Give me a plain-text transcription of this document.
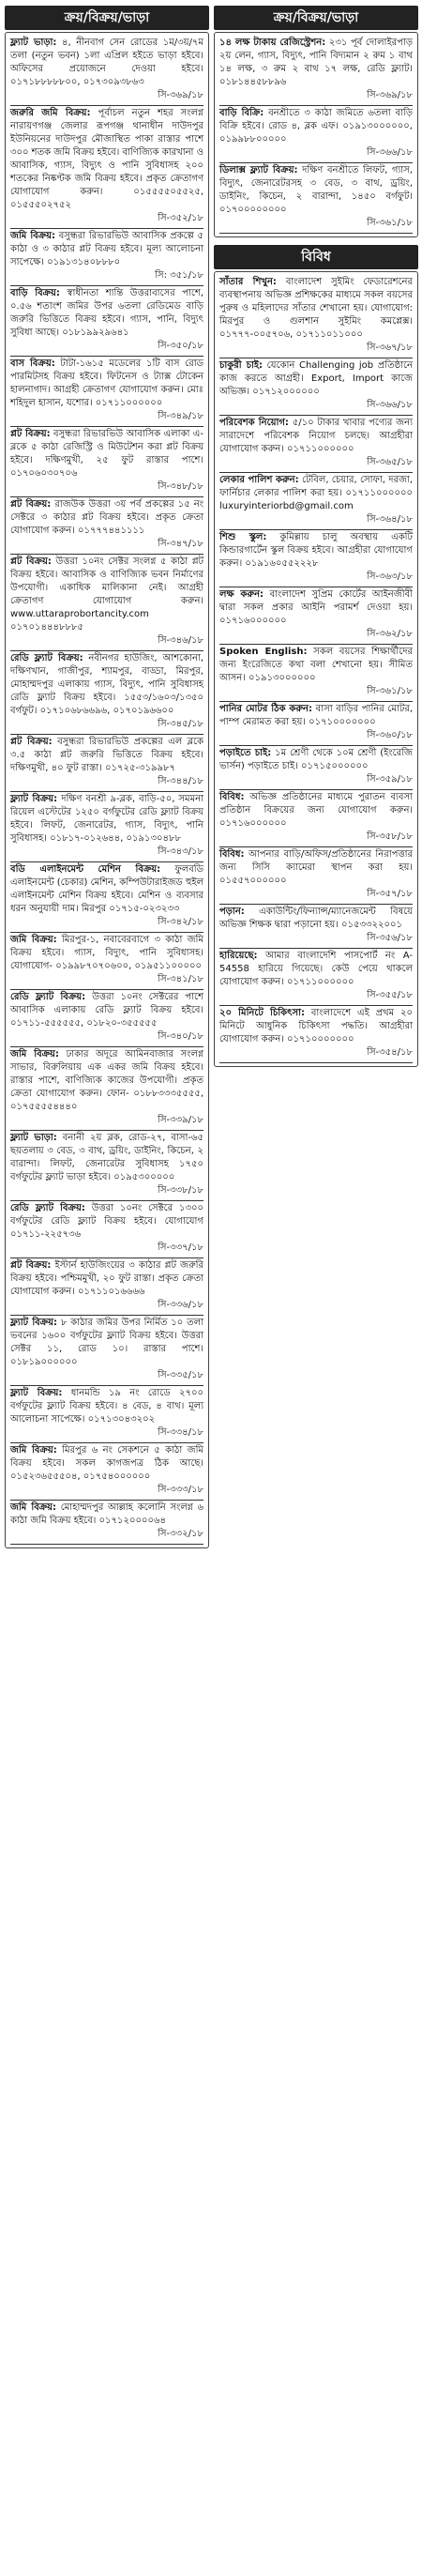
ক্রয়/বিক্রয়/ভাড়া
ফ্ল্যাট ভাড়া: ৪, নীনবাগ সেন রোডের ১ম/৩য়/৭ম তলা (নতুন ভবন) ১লা এপ্রিল হইতে ভাড়া হইবে। অফিসের প্রয়োজনে দেওয়া হইবে। ০১৭১৮৮৮৮৮০০, ০১৭৩০৯৩৮৬৩
সি-৩৬৯/১৮
জরুরি জমি বিক্রয়: পূর্বাচল নতুন শহর সংলগ্ন নারায়ণগঞ্জ জেলার রূপগঞ্জ থানাধীন দাউদপুর ইউনিয়নের দাউদপুর মৌজাস্থিত পাকা রাস্তার পাশে ৩০০ শতক জমি বিক্রয় হইবে। বাণিজ্যিক কারখানা ও আবাসিক, গ্যাস, বিদ্যুৎ ও পানি সুবিধাসহ ২০০ শতকের নিষ্কণ্টক জমি বিক্রয় হইবে। প্রকৃত ক্রেতাগণ যোগাযোগ করুন। ০১৫৫৫৫০৫৫২৫, ০১৫৫৫০২৭৫২
সি-৩৫২/১৮
জমি বিক্রয়: বসুন্ধরা রিভারভিউ আবাসিক প্রকল্পে ৫ কাঠা ও ৩ কাঠার প্লট বিক্রয় হইবে। মূল্য আলোচনা সাপেক্ষে। ০১৯১৩১৪০৮৮৮০
সি: ৩৫১/১৮
বাড়ি বিক্রয়: স্বাধীনতা শান্তি উত্তরাবাসের পাশে, ০.৫৬ শতাংশ জমির উপর ৬তলা রেডিমেড বাড়ি জরুরি ভিত্তিতে বিক্রয় হইবে। গ্যাস, পানি, বিদ্যুৎ সুবিধা আছে। ০১৮১৯৯২৯৬৪১
সি-৩৫০/১৮
বাস বিক্রয়: টাটা-১৬১৫ মডেলের ১টি বাস রোড পারমিটসহ বিক্রয় হইবে। ফিটনেস ও ট্যাক্স টোকেন হালনাগাদ। আগ্রহী ক্রেতাগণ যোগাযোগ করুন। মোঃ শহিদুল হাসান, যশোর। ০১৭১১০০০০০০
সি-৩৪৯/১৮
প্লট বিক্রয়: বসুন্ধরা রিভারভিউ আবাসিক এলাকা এ-ব্লকে ৫ কাঠা রেজিস্ট্রি ও মিউটেশন করা প্লট বিক্রয় হইবে। দক্ষিণমুখী, ২৫ ফুট রাস্তার পাশে। ০১৭০৬০৩০৭০৬
সি-৩৪৮/১৮
প্লট বিক্রয়: রাজউক উত্তরা ৩য় পর্ব প্রকল্পের ১৫ নং সেক্টরে ৩ কাঠার প্লট বিক্রয় হইবে। প্রকৃত ক্রেতা যোগাযোগ করুন। ০১৭৭৭৪৪১১১১
সি-৩৪৭/১৮
প্লট বিক্রয়: উত্তরা ১০নং সেক্টর সংলগ্ন ৫ কাঠা প্লট বিক্রয় হইবে। আবাসিক ও বাণিজ্যিক ভবন নির্মাণের উপযোগী। একাধিক মালিকানা নেই। আগ্রহী ক্রেতাগণ যোগাযোগ করুন। www.uttaraprobortancity.com ০১৭০১৪৪৪৮৮৮৫
সি-৩৪৬/১৮
রেডি ফ্ল্যাট বিক্রয়: নবীনগর হাউজিং, আশকোনা, দক্ষিণখান, গাজীপুর, শ্যামপুর, বাড্ডা, মিরপুর, মোহাম্মদপুর এলাকায় গ্যাস, বিদ্যুৎ, পানি সুবিধাসহ রেডি ফ্ল্যাট বিক্রয় হইবে। ১৫৫৩/১৬০৩/১৩৫০ বর্গফুট। ০১৭১০৬৮৬৬৯৬, ০১৭০১৯৬৬০০
সি-৩৪৫/১৮
প্লট বিক্রয়: বসুন্ধরা রিভারভিউ প্রকল্পের এল ব্লকে ৩.৫ কাঠা প্লট জরুরি ভিত্তিতে বিক্রয় হইবে। দক্ষিণমুখী, ৪০ ফুট রাস্তা। ০১৭২৫-৩১৯৯৮৭
সি-৩৪৪/১৮
ফ্ল্যাট বিক্রয়: দক্ষিণ বনশ্রী ৯-ব্লক, বাড়ি-৫০, সমমনা রিয়েল এস্টেটের ১২৫০ বর্গফুটের রেডি ফ্ল্যাট বিক্রয় হইবে। লিফট, জেনারেটর, গ্যাস, বিদ্যুৎ, পানি সুবিধাসহ। ০১৮১৭-০১২৬৪৪, ০১৯১৩০৪৮৮
সি-৩৪৩/১৮
বডি এলাইনমেন্ট মেশিন বিক্রয়: ফুলবডি এলাইনমেন্ট (চেকার) মেশিন, কম্পিউটারাইজড হুইল এলাইনমেন্ট মেশিন বিক্রয় হইবে। মেশিন ও ব্যবসার ধরন অনুযায়ী দাম। মিরপুর ০১৭১৫-০২৩২৩৩
সি-৩৪২/১৮
জমি বিক্রয়: মিরপুর-১, নবাবেরবাগে ৩ কাঠা জমি বিক্রয় হইবে। গ্যাস, বিদ্যুৎ, পানি সুবিধাসহ। যোগাযোগ- ০১৯৯৮৭০৭০৬০০, ০১৯৫১১০০০০০
সি-৩৪১/১৮
রেডি ফ্ল্যাট বিক্রয়: উত্তরা ১০নং সেক্টরের পাশে আবাসিক এলাকায় রেডি ফ্ল্যাট বিক্রয় হইবে। ০১৭১১-৫৫৫৫৫৫, ০১৮২০-৩৫৫৫৫৫
সি-৩৪০/১৮
জমি বিক্রয়: ঢাকার অদূরে আমিনবাজার সংলগ্ন সাভার, বিরুলিয়ায় এক একর জমি বিক্রয় হইবে। রাস্তার পাশে, বাণিজ্যিক কাজের উপযোগী। প্রকৃত ক্রেতা যোগাযোগ করুন। ফোন- ০১৮৮৩৩৩৫৫৫৫, ০১৭৫৫৫৫৪৪৪০
সি-৩৩৯/১৮
ফ্ল্যাট ভাড়া: বনানী ২য় ব্লক, রোড-২৭, বাসা-৬৫ ছয়তলায় ৩ বেড, ৩ বাথ, ড্রয়িং, ডাইনিং, কিচেন, ২ বারান্দা। লিফট, জেনারেটর সুবিধাসহ ১৭৫০ বর্গফুটের ফ্ল্যাট ভাড়া হইবে। ০১৯৫৩০০০০০
সি-৩৩৮/১৮
রেডি ফ্ল্যাট বিক্রয়: উত্তরা ১০নং সেক্টরে ১৩০০ বর্গফুটের রেডি ফ্ল্যাট বিক্রয় হইবে। যোগাযোগ ০১৭১১-২২৫৭৩৬
সি-৩৩৭/১৮
প্লট বিক্রয়: ইস্টার্ন হাউজিংয়ের ৩ কাঠার প্লট জরুরি বিক্রয় হইবে। পশ্চিমমুখী, ২০ ফুট রাস্তা। প্রকৃত ক্রেতা যোগাযোগ করুন। ০১৭১১০১৬৬৬৬
সি-৩৩৬/১৮
ফ্ল্যাট বিক্রয়: ৮ কাঠার জমির উপর নির্মিত ১০ তলা ভবনের ১৬০০ বর্গফুটের ফ্ল্যাট বিক্রয় হইবে। উত্তরা সেক্টর ১১, রোড ১০। রাস্তার পাশে। ০১৮১৯০০০০০০
সি-৩৩৫/১৮
ফ্ল্যাট বিক্রয়: ধানমন্ডি ১৯ নং রোডে ২৭০০ বর্গফুটের ফ্ল্যাট বিক্রয় হইবে। ৪ বেড, ৪ বাথ। মূল্য আলোচনা সাপেক্ষে। ০১৭১৩০৪৩২০২
সি-৩৩৪/১৮
জমি বিক্রয়: মিরপুর ৬ নং সেকশনে ৫ কাঠা জমি বিক্রয় হইবে। সকল কাগজপত্র ঠিক আছে। ০১৫২৩৬৫৫৫০৪, ০১৭৫৪০০০০০০
সি-৩৩৩/১৮
জমি বিক্রয়: মোহাম্মদপুর আল্লাহ কলোনি সংলগ্ন ৬ কাঠা জমি বিক্রয় হইবে। ০১৭১২০০০০৬৪
সি-৩৩২/১৮
ক্রয়/বিক্রয়/ভাড়া
১৪ লক্ষ টাকায় রেজিস্ট্রেশন: ২৩১ পূর্ব দোলাইরপাড় ২য় লেন, গ্যাস, বিদ্যুৎ, পানি বিদ্যমান ২ রুম ১ বাথ ১৪ লক্ষ, ৩ রুম ২ বাথ ১৭ লক্ষ, রেডি ফ্ল্যাট। ০১৮১৪৪৫৮৮৯৬
সি-৩৬৯/১৮
বাড়ি বিক্রি: বনশ্রীতে ৩ কাঠা জমিতে ৬তলা বাড়ি বিক্রি হইবে। রোড ৪, ব্লক এফ। ০১৯১৩০০০০০০, ০১৯৯৮৮০০০০০
সি-৩৬৬/১৮
ডিলাক্স ফ্ল্যাট বিক্রয়: দক্ষিণ বনশ্রীতে লিফট, গ্যাস, বিদ্যুৎ, জেনারেটরসহ ৩ বেড, ৩ বাথ, ড্রয়িং, ডাইনিং, কিচেন, ২ বারান্দা, ১৪৫০ বর্গফুট। ০১৭০০০০০০০০
সি-৩৬১/১৮
বিবিধ
সাঁতার শিখুন: বাংলাদেশ সুইমিং ফেডারেশনের ব্যবস্থাপনায় অভিজ্ঞ প্রশিক্ষকের মাধ্যমে সকল বয়সের পুরুষ ও মহিলাদের সাঁতার শেখানো হয়। যোগাযোগ: মিরপুর ও গুলশান সুইমিং কমপ্লেক্স। ০১৭৭৭-০০৫৭০৬, ০১৭১১০১১০০০
সি-৩৬৭/১৮
চাকুরী চাই: যেকোন Challenging job প্রতিষ্ঠানে কাজ করতে আগ্রহী। Export, Import কাজে অভিজ্ঞ। ০১৭১২০০০০০০
সি-৩৬৬/১৮
পরিবেশক নিয়োগ: ৫/১০ টাকার খাবার পণ্যের জন্য সারাদেশে পরিবেশক নিয়োগ চলছে। আগ্রহীরা যোগাযোগ করুন। ০১৭১১০০০০০০
সি-৩৬৫/১৮
লেকার পালিশ করুন: টেবিল, চেয়ার, সোফা, দরজা, ফার্নিচার লেকার পালিশ করা হয়। ০১৭১১০০০০০০ luxuryinteriorbd@gmail.com
সি-৩৬৪/১৮
শিশু স্কুল: কুমিল্লায় চালু অবস্থায় একটি কিন্ডারগার্টেন স্কুল বিক্রয় হইবে। আগ্রহীরা যোগাযোগ করুন। ০১৯১৬০৫৫২২২৮
সি-৩৬৩/১৮
লক্ষ করুন: বাংলাদেশ সুপ্রিম কোর্টের আইনজীবী দ্বারা সকল প্রকার আইনি পরামর্শ দেওয়া হয়। ০১৭১৬০০০০০০
সি-৩৬২/১৮
Spoken English: সকল বয়সের শিক্ষার্থীদের জন্য ইংরেজিতে কথা বলা শেখানো হয়। সীমিত আসন। ০১৯১৩০০০০০০
সি-৩৬১/১৮
পানির মোটর ঠিক করুন: বাসা বাড়ির পানির মোটর, পাম্প মেরামত করা হয়। ০১৭১০০০০০০০
সি-৩৬০/১৮
পড়াইতে চাই: ১ম শ্রেণী থেকে ১০ম শ্রেণী (ইংরেজি ভার্সন) পড়াইতে চাই। ০১৭১৫০০০০০০
সি-৩৫৯/১৮
বিবিধ: অভিজ্ঞ প্রতিষ্ঠানের মাধ্যমে পুরাতন ব্যবসা প্রতিষ্ঠান বিক্রয়ের জন্য যোগাযোগ করুন। ০১৭১৬০০০০০০
সি-৩৫৮/১৮
বিবিধ: আপনার বাড়ি/অফিস/প্রতিষ্ঠানের নিরাপত্তার জন্য সিসি ক্যামেরা স্থাপন করা হয়। ০১৫৫৭০০০০০০
সি-৩৫৭/১৮
পড়ান: একাউন্টিং/ফিন্যান্স/ম্যানেজমেন্ট বিষয়ে অভিজ্ঞ শিক্ষক দ্বারা পড়ানো হয়। ০১৫৩৩২২০০১
সি-৩৫৬/১৮
হারিয়েছে: আমার বাংলাদেশি পাসপোর্ট নং A-54558 হারিয়ে গিয়েছে। কেউ পেয়ে থাকলে যোগাযোগ করুন। ০১৭১১০০০০০০
সি-৩৫৫/১৮
২০ মিনিটে চিকিৎসা: বাংলাদেশে এই প্রথম ২০ মিনিটে আধুনিক চিকিৎসা পদ্ধতি। আগ্রহীরা যোগাযোগ করুন। ০১৭১০০০০০০০
সি-৩৫৪/১৮
